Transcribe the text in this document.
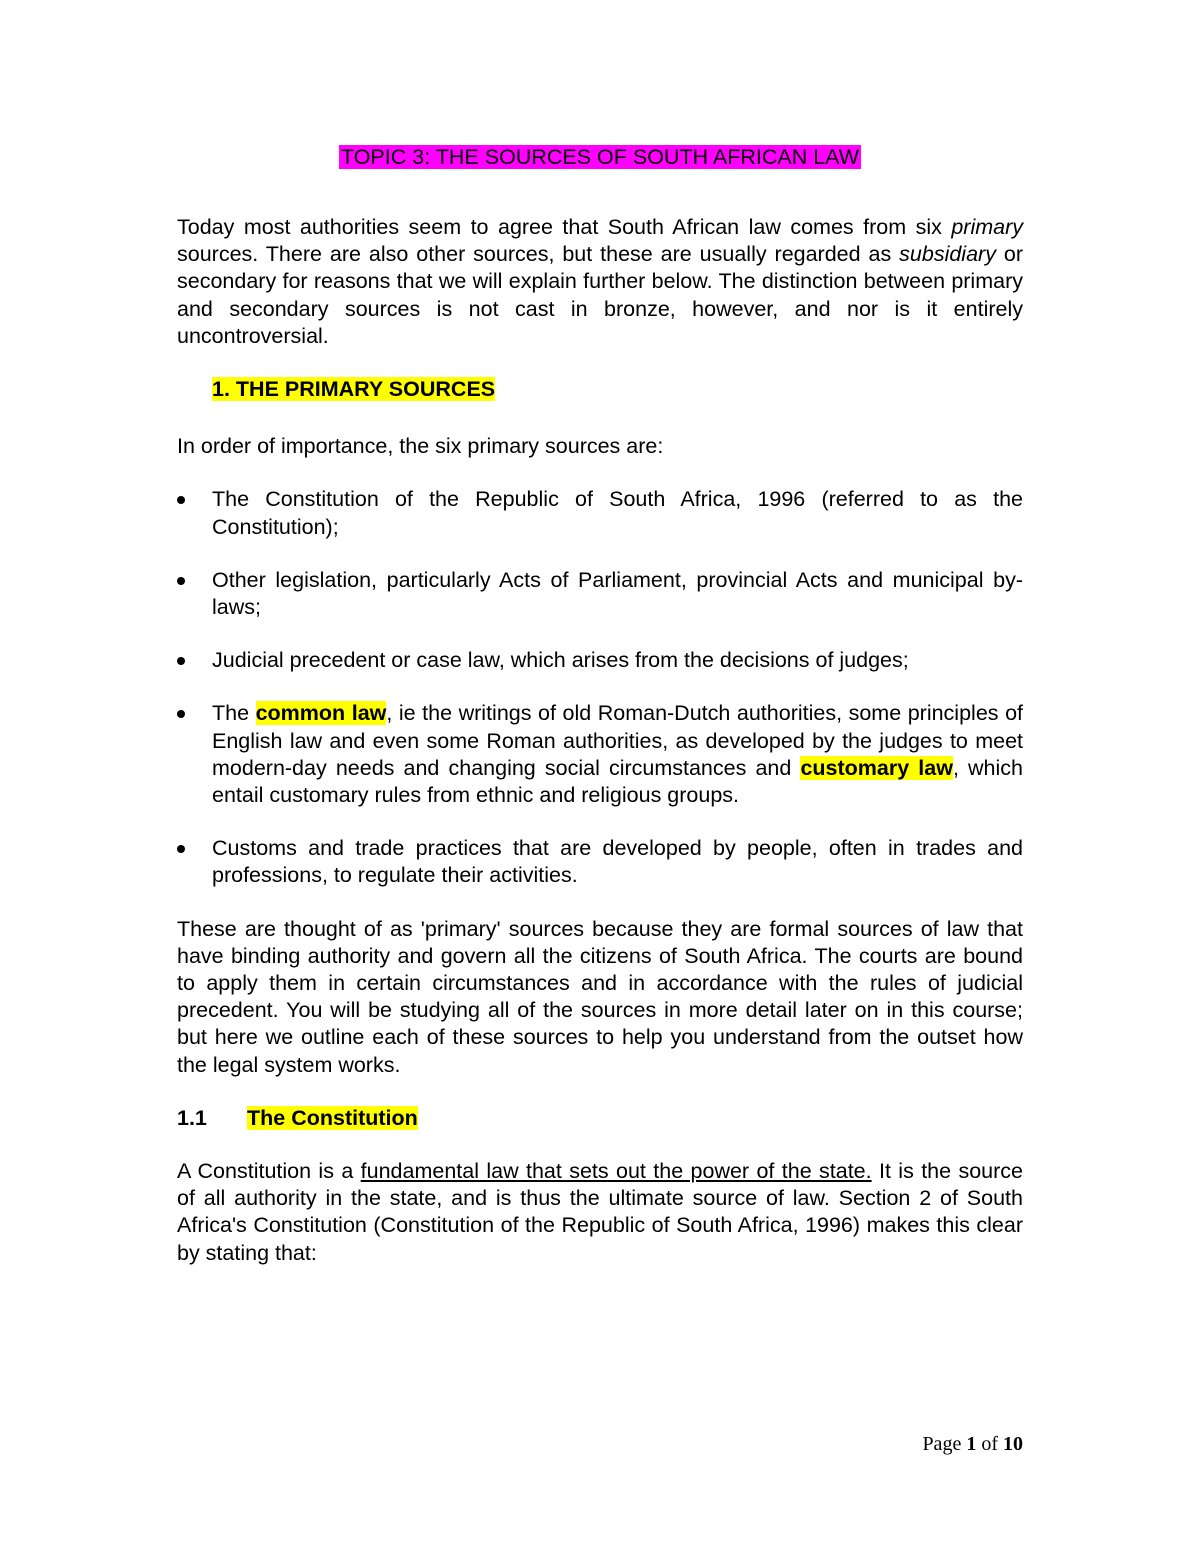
TOPIC 3: THE SOURCES OF SOUTH AFRICAN LAW

Today most authorities seem to agree that South African law comes from six primary sources. There are also other sources, but these are usually regarded as subsidiary or secondary for reasons that we will explain further below. The distinction between primary and secondary sources is not cast in bronze, however, and nor is it entirely uncontroversial.

1. THE PRIMARY SOURCES

In order of importance, the six primary sources are:

The Constitution of the Republic of South Africa, 1996 (referred to as the Constitution);
Other legislation, particularly Acts of Parliament, provincial Acts and municipal by-laws;
Judicial precedent or case law, which arises from the decisions of judges;
The common law, ie the writings of old Roman-Dutch authorities, some principles of English law and even some Roman authorities, as developed by the judges to meet modern-day needs and changing social circumstances and customary law, which entail customary rules from ethnic and religious groups.
Customs and trade practices that are developed by people, often in trades and professions, to regulate their activities.

These are thought of as 'primary' sources because they are formal sources of law that have binding authority and govern all the citizens of South Africa. The courts are bound to apply them in certain circumstances and in accordance with the rules of judicial precedent. You will be studying all of the sources in more detail later on in this course; but here we outline each of these sources to help you understand from the outset how the legal system works.

1.1 The Constitution

A Constitution is a fundamental law that sets out the power of the state. It is the source of all authority in the state, and is thus the ultimate source of law. Section 2 of South Africa's Constitution (Constitution of the Republic of South Africa, 1996) makes this clear by stating that:

Page 1 of 10
